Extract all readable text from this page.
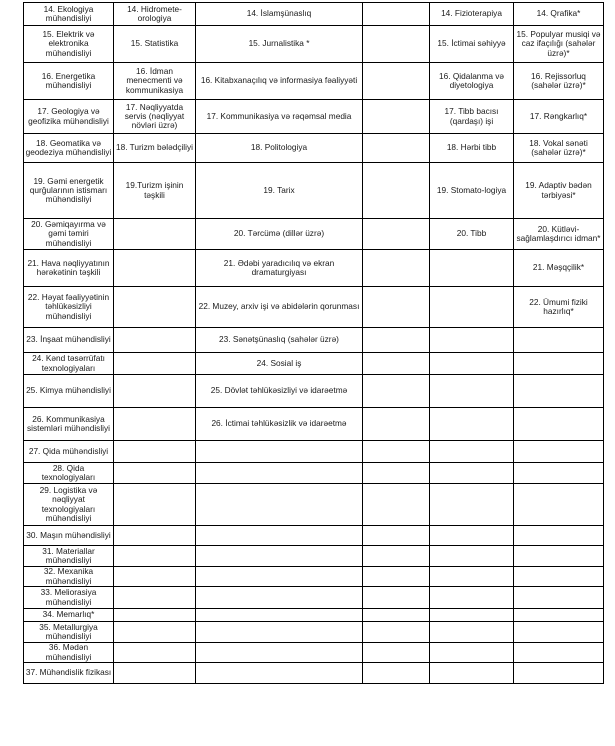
14. Ekologiya mühəndisliyi	14. Hidromete-orologiya	14. İslamşünaslıq		14. Fizioterapiya	14. Qrafika*
15. Elektrik və elektronika mühəndisliyi	15. Statistika	15. Jurnalistika *		15. İctimai səhiyyə	15. Populyar musiqi və caz ifaçılığı (sahələr üzrə)*
16. Energetika mühəndisliyi	16. İdman menecmenti və kommunikasiya	16. Kitabxanaçılıq və informasiya fəaliyyəti		16. Qidalanma və diyetologiya	16. Rejissorluq (sahələr üzrə)*
17. Geologiya və geofizika mühəndisliyi	17. Nəqliyyatda servis (nəqliyyat növləri üzrə)	17. Kommunikasiya və rəqəmsal media		17. Tibb bacısı (qardaşı) işi	17. Rəngkarlıq*
18. Geomatika və geodeziya mühəndisliyi	18. Turizm bələdçiliyi	18. Politologiya		18. Hərbi tibb	18. Vokal sənəti (sahələr üzrə)*
19. Gəmi energetik qurğularının istismarı mühəndisliyi	19.Turizm işinin təşkili	19. Tarix		19. Stomato-logiya	19. Adaptiv bədən tərbiyəsi*
20. Gəmiqayırma və gəmi təmiri mühəndisliyi		20. Tərcümə (dillər üzrə)		20. Tibb	20. Kütləvi-sağlamlaşdırıcı idman*
21. Hava nəqliyyatının hərəkətinin təşkili		21. Ədəbi yaradıcılıq və ekran dramaturgiyası			21. Məşqçilik*
22. Həyat fəaliyyətinin təhlükəsizliyi mühəndisliyi		22. Muzey, arxiv işi və abidələrin qorunması			22. Ümumi fiziki hazırlıq*
23. İnşaat mühəndisliyi		23. Sənətşünaslıq (sahələr üzrə)			
24. Kənd təsərrüfatı texnologiyaları		24. Sosial iş			
25. Kimya mühəndisliyi		25. Dövlət təhlükəsizliyi və idarəetmə			
26. Kommunikasiya sistemləri mühəndisliyi		26. İctimai təhlükəsizlik və idarəetmə			
27. Qida mühəndisliyi					
28. Qida texnologiyaları					
29. Logistika və nəqliyyat texnologiyaları mühəndisliyi					
30. Maşın mühəndisliyi					
31. Materiallar mühəndisliyi					
32. Mexanika mühəndisliyi					
33. Meliorasiya mühəndisliyi					
34. Memarlıq*					
35. Metallurgiya mühəndisliyi					
36. Mədən mühəndisliyi					
37. Mühəndislik fizikası					
